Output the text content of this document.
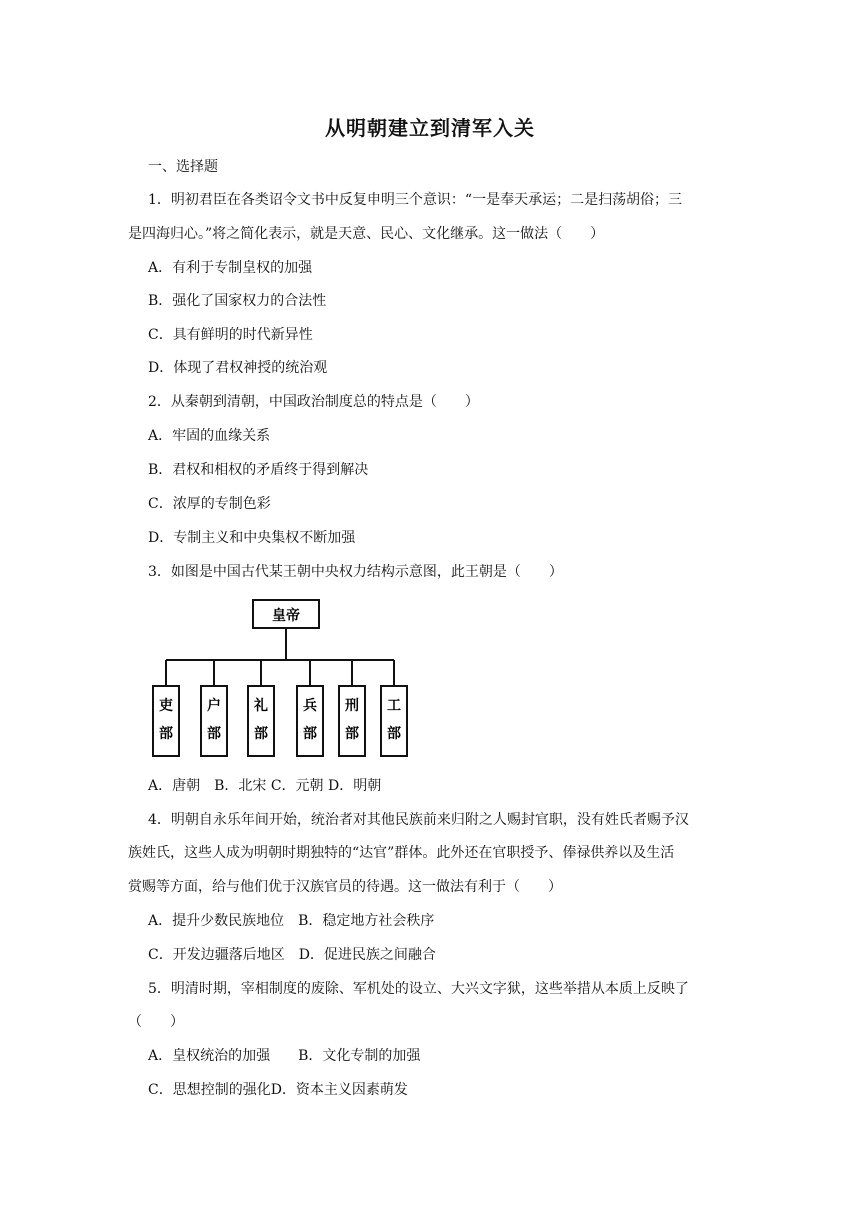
从明朝建立到清军入关
一、选择题
1．明初君臣在各类诏令文书中反复申明三个意识：“一是奉天承运；二是扫荡胡俗；三
是四海归心。”将之简化表示，就是天意、民心、文化继承。这一做法（　　）
A．有利于专制皇权的加强
B．强化了国家权力的合法性
C．具有鲜明的时代新异性
D．体现了君权神授的统治观
2．从秦朝到清朝，中国政治制度总的特点是（　　）
A．牢固的血缘关系
B．君权和相权的矛盾终于得到解决
C．浓厚的专制色彩
D．专制主义和中央集权不断加强
3．如图是中国古代某王朝中央权力结构示意图，此王朝是（　　）
皇帝
吏
部
户
部
礼
部
兵
部
刑
部
工
部
A．唐朝　B．北宋 C．元朝 D．明朝
4．明朝自永乐年间开始，统治者对其他民族前来归附之人赐封官职，没有姓氏者赐予汉
族姓氏，这些人成为明朝时期独特的“达官”群体。此外还在官职授予、俸禄供养以及生活
赏赐等方面，给与他们优于汉族官员的待遇。这一做法有利于（　　）
A．提升少数民族地位　B．稳定地方社会秩序
C．开发边疆落后地区　D．促进民族之间融合
5．明清时期，宰相制度的废除、军机处的设立、大兴文字狱，这些举措从本质上反映了
（　　）
A．皇权统治的加强　　B．文化专制的加强
C．思想控制的强化D．资本主义因素萌发
